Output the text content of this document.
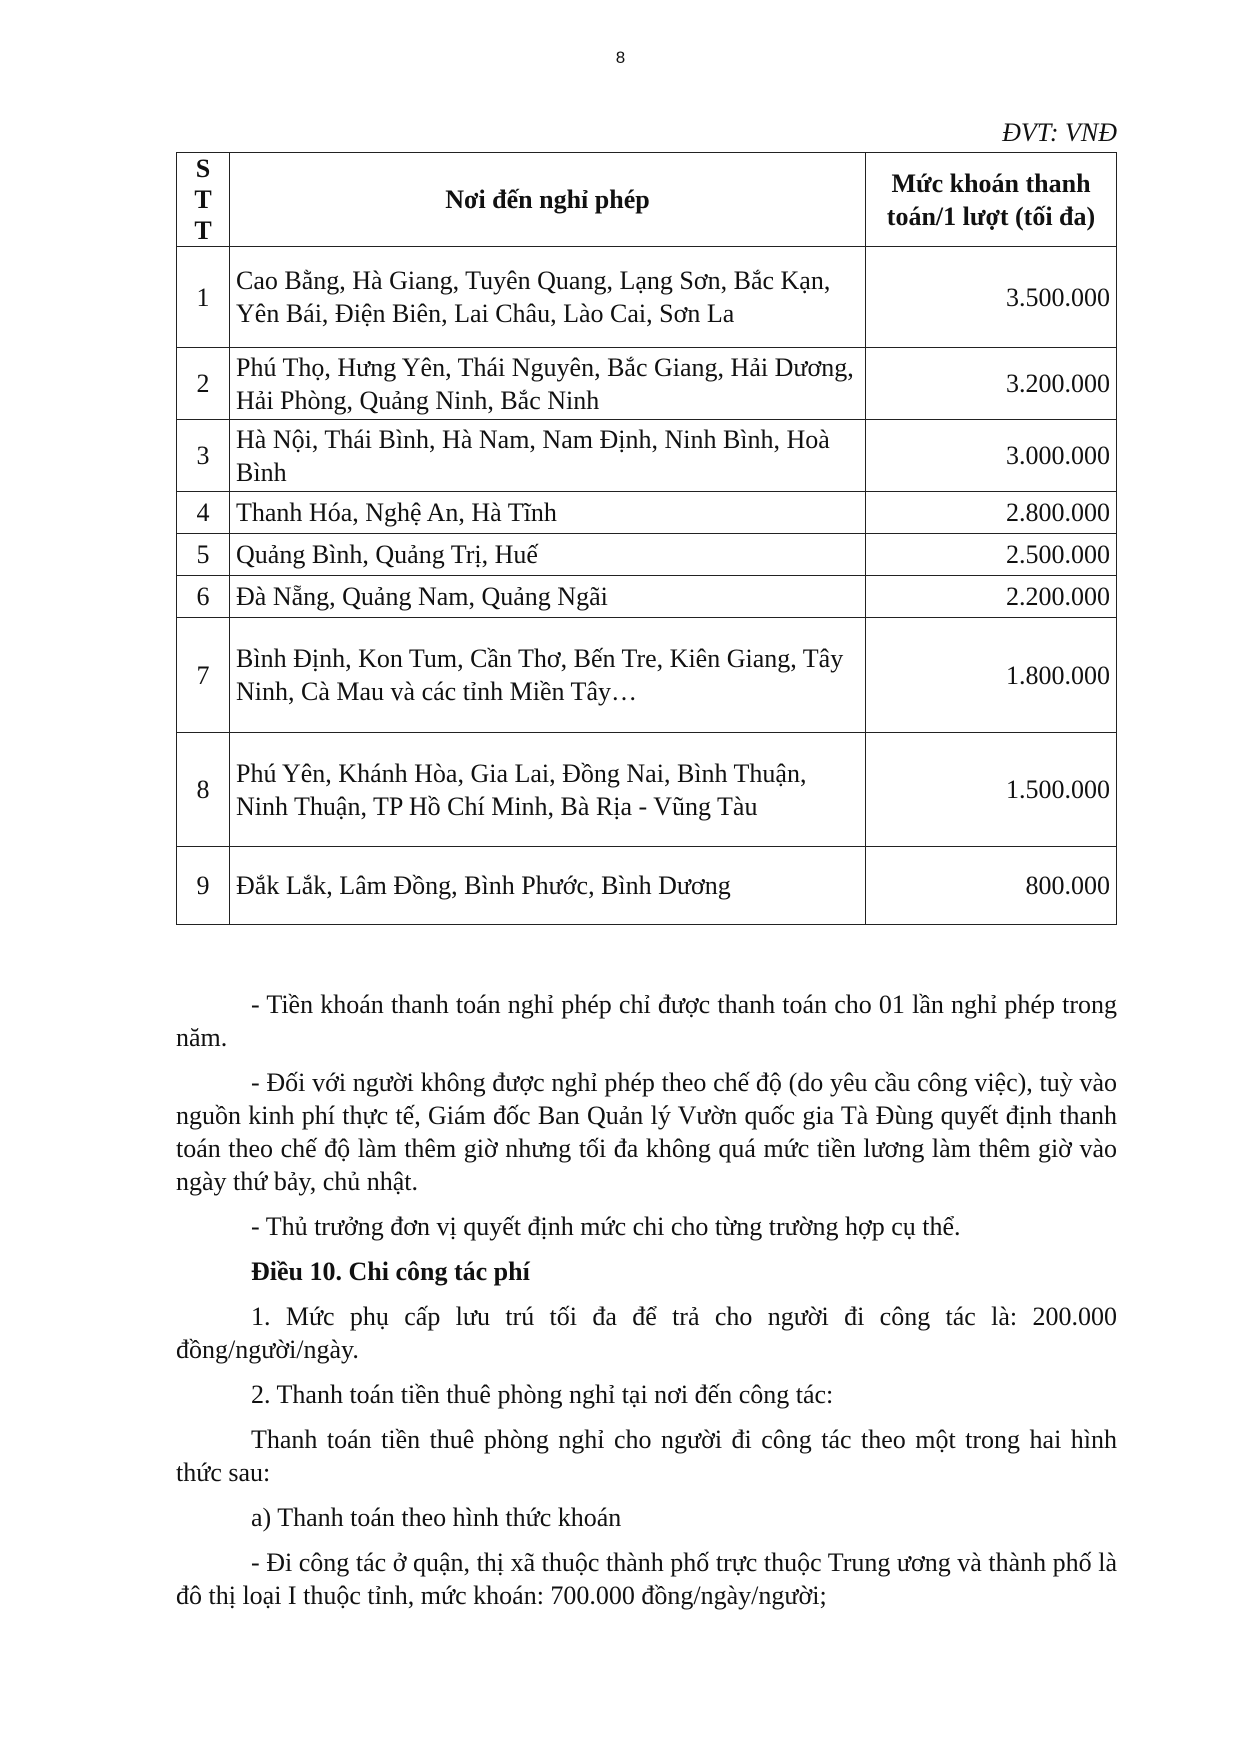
8
ĐVT: VNĐ
S
T
T	Nơi đến nghỉ phép	Mức khoán thanh toán/1 lượt (tối đa)
1	Cao Bằng, Hà Giang, Tuyên Quang, Lạng Sơn, Bắc Kạn, Yên Bái, Điện Biên, Lai Châu, Lào Cai, Sơn La	3.500.000
2	Phú Thọ, Hưng Yên, Thái Nguyên, Bắc Giang, Hải Dương, Hải Phòng, Quảng Ninh, Bắc Ninh	3.200.000
3	Hà Nội, Thái Bình, Hà Nam, Nam Định, Ninh Bình, Hoà Bình	3.000.000
4	Thanh Hóa, Nghệ An, Hà Tĩnh	2.800.000
5	Quảng Bình, Quảng Trị, Huế	2.500.000
6	Đà Nẵng, Quảng Nam, Quảng Ngãi	2.200.000
7	Bình Định, Kon Tum, Cần Thơ, Bến Tre, Kiên Giang, Tây Ninh, Cà Mau và các tỉnh Miền Tây…	1.800.000
8	Phú Yên, Khánh Hòa, Gia Lai, Đồng Nai, Bình Thuận, Ninh Thuận, TP Hồ Chí Minh, Bà Rịa - Vũng Tàu	1.500.000
9	Đắk Lắk, Lâm Đồng, Bình Phước, Bình Dương	800.000

- Tiền khoán thanh toán nghỉ phép chỉ được thanh toán cho 01 lần nghỉ phép trong năm.

- Đối với người không được nghỉ phép theo chế độ (do yêu cầu công việc), tuỳ vào nguồn kinh phí thực tế, Giám đốc Ban Quản lý Vườn quốc gia Tà Đùng quyết định thanh toán theo chế độ làm thêm giờ nhưng tối đa không quá mức tiền lương làm thêm giờ vào ngày thứ bảy, chủ nhật.

- Thủ trưởng đơn vị quyết định mức chi cho từng trường hợp cụ thể.

Điều 10. Chi công tác phí

1. Mức phụ cấp lưu trú tối đa để trả cho người đi công tác là: 200.000 đồng/người/ngày.

2. Thanh toán tiền thuê phòng nghỉ tại nơi đến công tác:

Thanh toán tiền thuê phòng nghỉ cho người đi công tác theo một trong hai hình thức sau:

a) Thanh toán theo hình thức khoán

- Đi công tác ở quận, thị xã thuộc thành phố trực thuộc Trung ương và thành phố là đô thị loại I thuộc tỉnh, mức khoán: 700.000 đồng/ngày/người;
